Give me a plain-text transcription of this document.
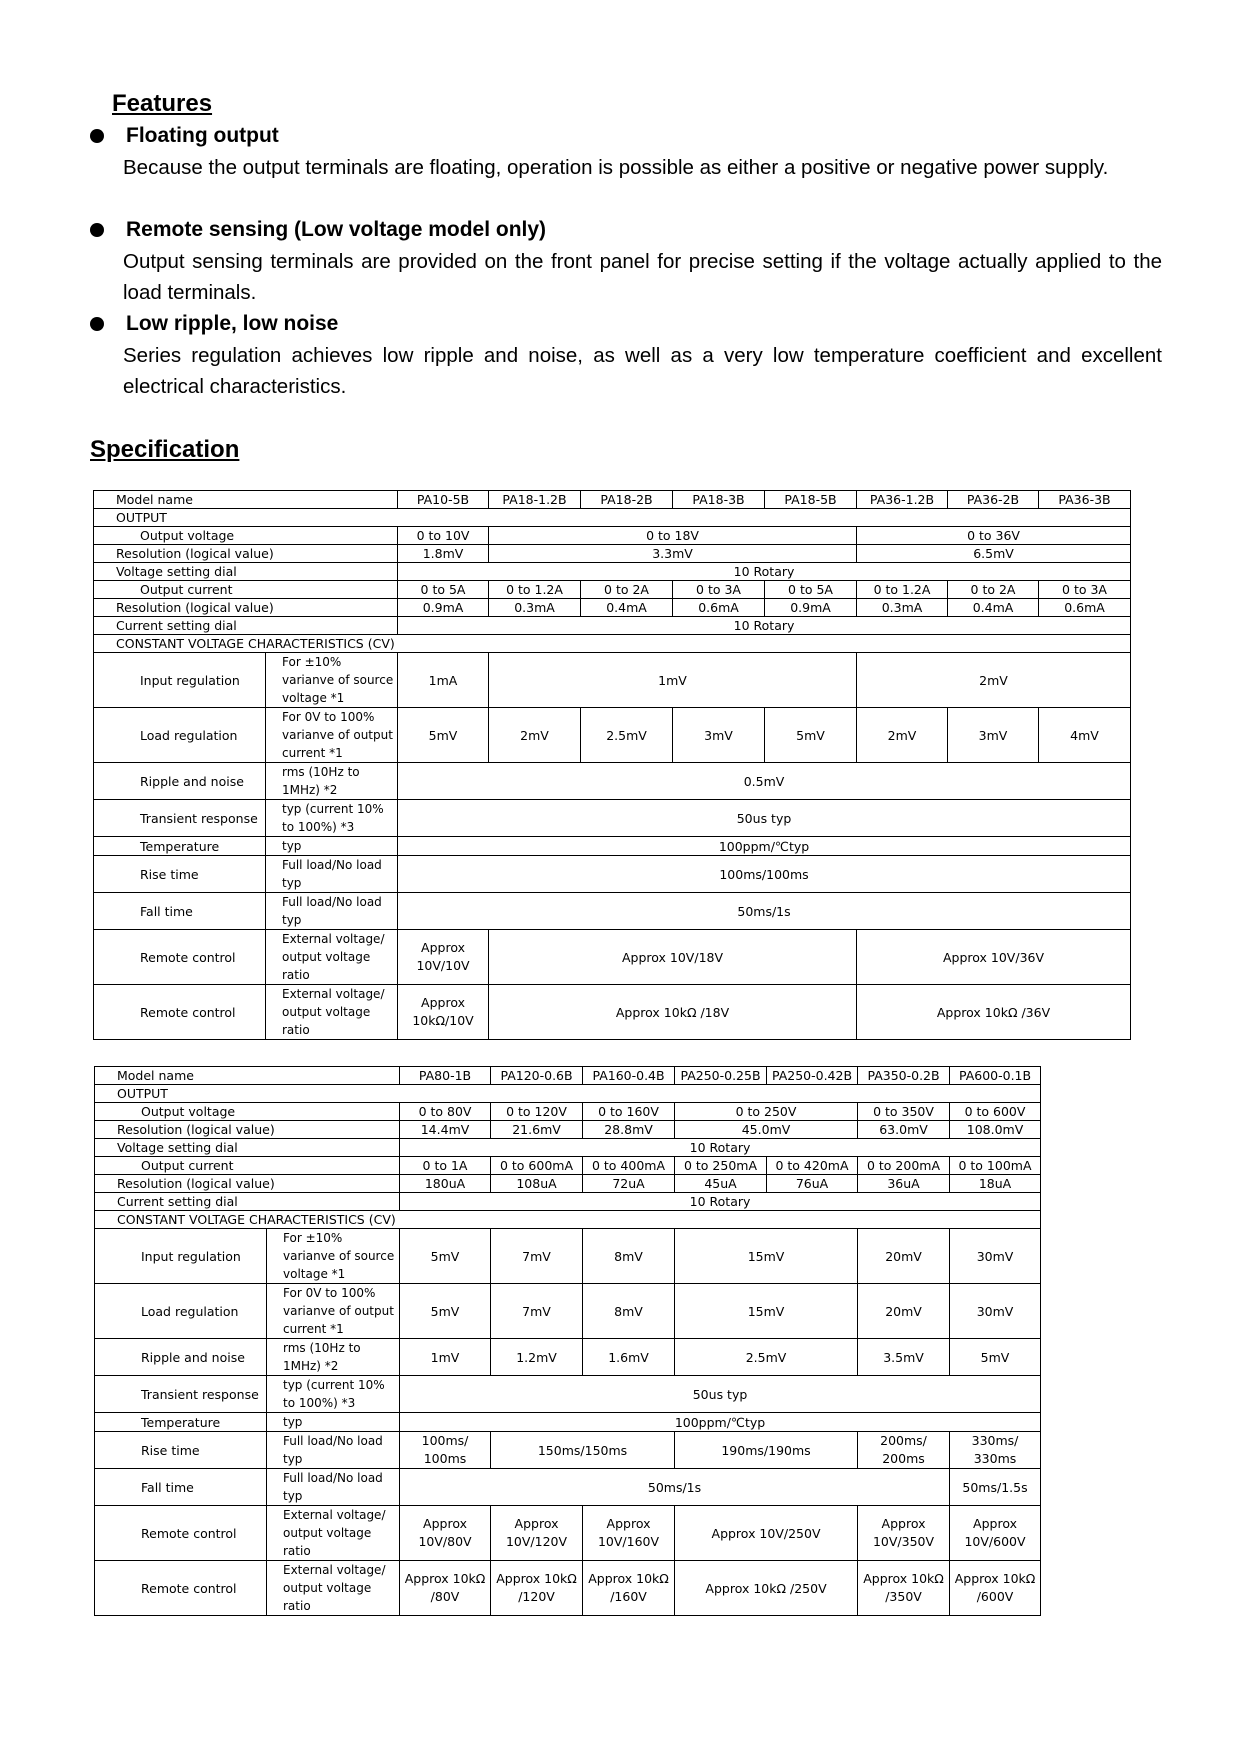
Features
Floating output

Because the output terminals are floating, operation is possible as either a positive or negative power supply.

Remote sensing (Low voltage model only)

Output sensing terminals are provided on the front panel for precise setting if the voltage actually applied to the load terminals.

Low ripple, low noise

Series regulation achieves low ripple and noise, as well as a very low temperature coefficient and excellent electrical characteristics.

Specification
Model name		PA10-5B	PA18-1.2B	PA18-2B	PA18-3B	PA18-5B	PA36-1.2B	PA36-2B	PA36-3B
OUTPUT									
Output voltage		0 to 10V	0 to 18V				0 to 36V		
Resolution (logical value)		1.8mV	3.3mV				6.5mV		
Voltage setting dial		10 Rotary							
Output current		0 to 5A	0 to 1.2A	0 to 2A	0 to 3A	0 to 5A	0 to 1.2A	0 to 2A	0 to 3A
Resolution (logical value)		0.9mA	0.3mA	0.4mA	0.6mA	0.9mA	0.3mA	0.4mA	0.6mA
Current setting dial		10 Rotary							
CONSTANT VOLTAGE CHARACTERISTICS (CV)									
Input regulation	For ±10% varianve of source voltage *1	1mA	1mV				2mV		
Load regulation	For 0V to 100% varianve of output current *1	5mV	2mV	2.5mV	3mV	5mV	2mV	3mV	4mV
Ripple and noise	rms (10Hz to 1MHz) *2	0.5mV							
Transient response	typ (current 10% to 100%) *3	50us typ							
Temperature	typ	100ppm/℃typ							
Rise time	Full load/No load typ	100ms/100ms							
Fall time	Full load/No load typ	50ms/1s							
Remote control	External voltage/ output voltage ratio	Approx 10V/10V	Approx 10V/18V				Approx 10V/36V		
Remote control	External voltage/ output voltage ratio	Approx 10kΩ/10V	Approx 10kΩ /18V				Approx 10kΩ /36V		
Model name		PA80-1B	PA120-0.6B	PA160-0.4B	PA250-0.25B	PA250-0.42B	PA350-0.2B	PA600-0.1B
OUTPUT								
Output voltage		0 to 80V	0 to 120V	0 to 160V	0 to 250V		0 to 350V	0 to 600V
Resolution (logical value)		14.4mV	21.6mV	28.8mV	45.0mV		63.0mV	108.0mV
Voltage setting dial		10 Rotary						
Output current		0 to 1A	0 to 600mA	0 to 400mA	0 to 250mA	0 to 420mA	0 to 200mA	0 to 100mA
Resolution (logical value)		180uA	108uA	72uA	45uA	76uA	36uA	18uA
Current setting dial		10 Rotary						
CONSTANT VOLTAGE CHARACTERISTICS (CV)								
Input regulation	For ±10% varianve of source voltage *1	5mV	7mV	8mV	15mV		20mV	30mV
Load regulation	For 0V to 100% varianve of output current *1	5mV	7mV	8mV	15mV		20mV	30mV
Ripple and noise	rms (10Hz to 1MHz) *2	1mV	1.2mV	1.6mV	2.5mV		3.5mV	5mV
Transient response	typ (current 10% to 100%) *3	50us typ						
Temperature	typ	100ppm/℃typ						
Rise time	Full load/No load typ	100ms/ 100ms	150ms/150ms		190ms/190ms		200ms/ 200ms	330ms/ 330ms
Fall time	Full load/No load typ	50ms/1s						50ms/1.5s
Remote control	External voltage/ output voltage ratio	Approx 10V/80V	Approx 10V/120V	Approx 10V/160V	Approx 10V/250V		Approx 10V/350V	Approx 10V/600V
Remote control	External voltage/ output voltage ratio	Approx 10kΩ /80V	Approx 10kΩ /120V	Approx 10kΩ /160V	Approx 10kΩ /250V		Approx 10kΩ /350V	Approx 10kΩ /600V
